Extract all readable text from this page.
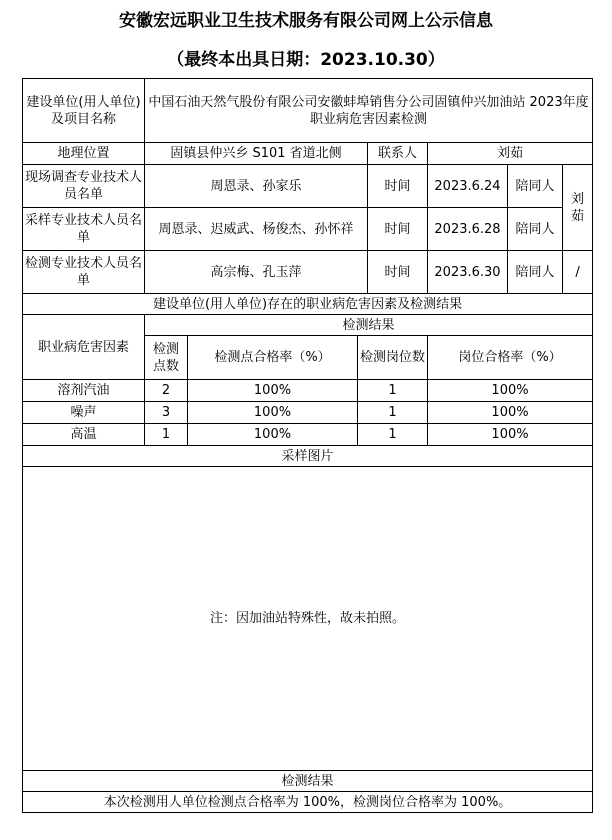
安徽宏远职业卫生技术服务有限公司网上公示信息
（最终本出具日期：2023.10.30）
建设单位(用人单位)及项目名称	中国石油天然气股份有限公司安徽蚌埠销售分公司固镇仲兴加油站 2023年度职业病危害因素检测						
地理位置	固镇县仲兴乡 S101 省道北侧			联系人	刘茹		
现场调查专业技术人员名单	周恩录、孙家乐			时间	2023.6.24	陪同人	刘茹
采样专业技术人员名单	周恩录、迟威武、杨俊杰、孙怀祥			时间	2023.6.28	陪同人	
检测专业技术人员名单	高宗梅、孔玉萍			时间	2023.6.30	陪同人	/
建设单位(用人单位)存在的职业病危害因素及检测结果							
职业病危害因素	检测结果						
	检测点数	检测点合格率（%）	检测岗位数		岗位合格率（%）		
溶剂汽油	2	100%	1		100%		
噪声	3	100%	1		100%		
高温	1	100%	1		100%		
采样图片							
注：因加油站特殊性，故未拍照。							
检测结果							
本次检测用人单位检测点合格率为 100%，检测岗位合格率为 100%。							
